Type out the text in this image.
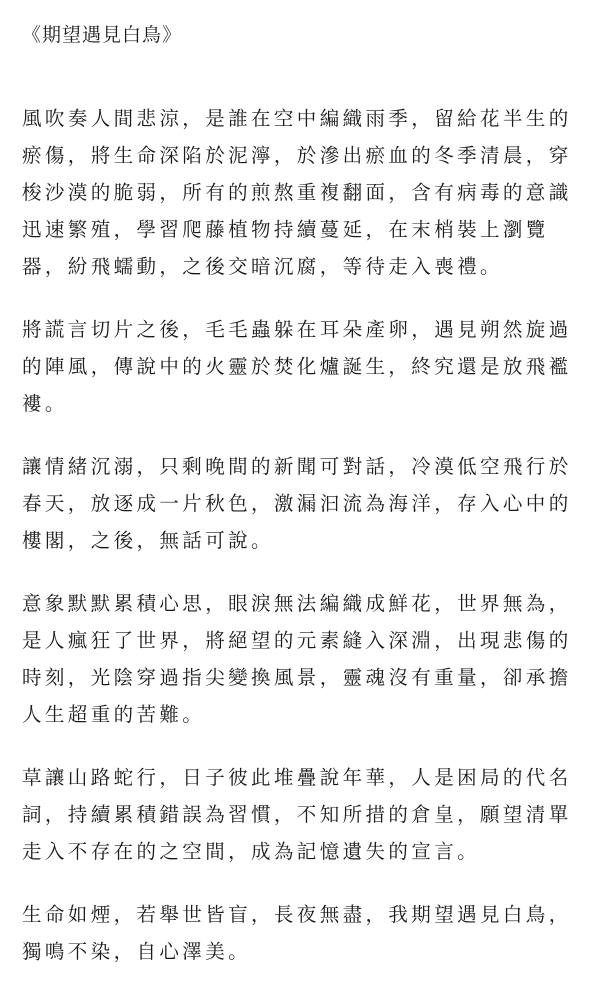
《期望遇見白鳥》

風吹奏人間悲涼，是誰在空中編織雨季，留給花半生的瘀傷，將生命深陷於泥濘，於滲出瘀血的冬季清晨，穿梭沙漠的脆弱，所有的煎熬重複翻面，含有病毒的意識迅速繁殖，學習爬藤植物持續蔓延，在末梢裝上瀏覽器，紛飛蠕動，之後交暗沉腐，等待走入喪禮。

將謊言切片之後，毛毛蟲躲在耳朵產卵，遇見朔然旋過的陣風，傳說中的火靈於焚化爐誕生，終究還是放飛襤褸。

讓情緒沉溺，只剩晚間的新聞可對話，冷漠低空飛行於春天，放逐成一片秋色，激漏汩流為海洋，存入心中的樓閣，之後，無話可說。

意象默默累積心思，眼淚無法編織成鮮花，世界無為，是人瘋狂了世界，將絕望的元素縫入深淵，出現悲傷的時刻，光陰穿過指尖變換風景，靈魂沒有重量，卻承擔人生超重的苦難。

草讓山路蛇行，日子彼此堆疊說年華，人是困局的代名詞，持續累積錯誤為習慣，不知所措的倉皇，願望清單走入不存在的之空間，成為記憶遺失的宣言。

生命如煙，若舉世皆盲，長夜無盡，我期望遇見白鳥，獨鳴不染，自心澤美。
